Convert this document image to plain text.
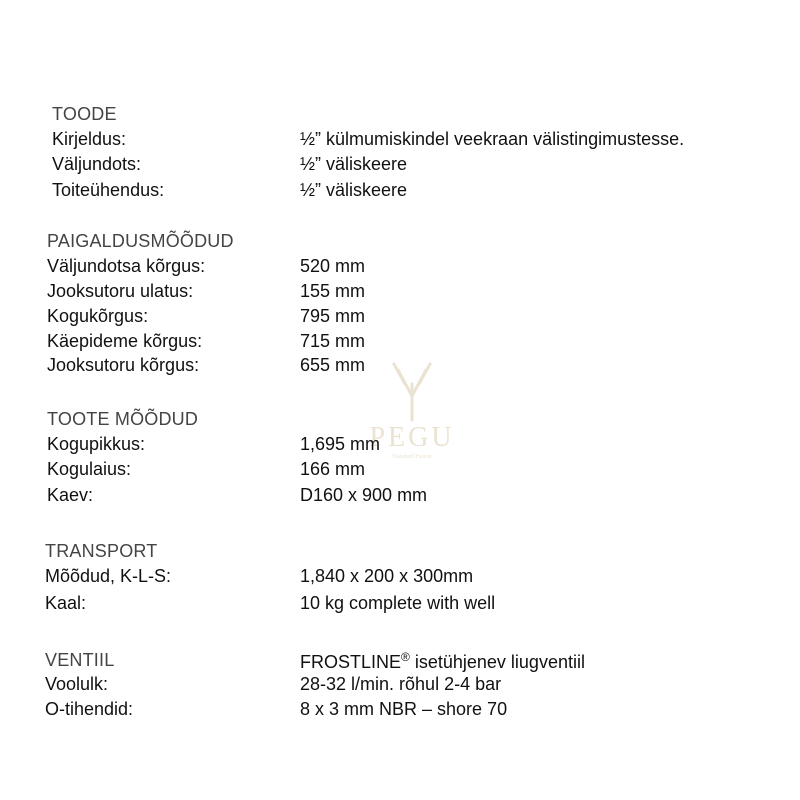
PEGU
Standard Fusion
TOODE
Kirjeldus:	½” külmumiskindel veekraan välistingimustesse.
Väljundots:	½” väliskeere
Toiteühendus:	½” väliskeere
PAIGALDUSMÕÕDUD
Väljundotsa kõrgus:	520 mm
Jooksutoru ulatus:	155 mm
Kogukõrgus:	795 mm
Käepideme kõrgus:	715 mm
Jooksutoru kõrgus:	655 mm
TOOTE MÕÕDUD
Kogupikkus:	1,695 mm
Kogulaius:	166 mm
Kaev:	D160 x 900 mm
TRANSPORT
Mõõdud, K-L-S:	1,840 x 200 x 300mm
Kaal:	10 kg complete with well
VENTIIL	FROSTLINE® isetühjenev liugventiil
Voolulk:	28-32 l/min. rõhul 2-4 bar
O-tihendid:	8 x 3 mm NBR – shore 70
